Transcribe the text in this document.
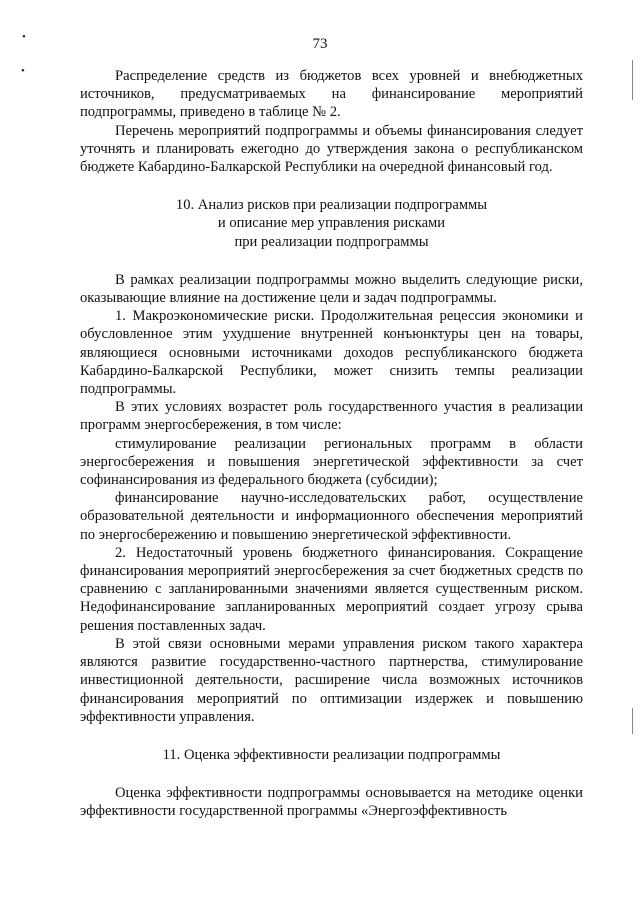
•
•
73

Распределение средств из бюджетов всех уровней и внебюджетных источников, предусматриваемых на финансирование мероприятий подпрограммы, приведено в таблице № 2.

Перечень мероприятий подпрограммы и объемы финансирования следует уточнять и планировать ежегодно до утверждения закона о республиканском бюджете Кабардино-Балкарской Республики на очередной финансовый год.

10. Анализ рисков при реализации подпрограммы
и описание мер управления рисками
при реализации подпрограммы

В рамках реализации подпрограммы можно выделить следующие риски, оказывающие влияние на достижение цели и задач подпрограммы.

1. Макроэкономические риски. Продолжительная рецессия экономики и обусловленное этим ухудшение внутренней конъюнктуры цен на товары, являющиеся основными источниками доходов республиканского бюджета Кабардино-Балкарской Республики, может снизить темпы реализации подпрограммы.

В этих условиях возрастет роль государственного участия в реализации программ энергосбережения, в том числе:

стимулирование реализации региональных программ в области энергосбережения и повышения энергетической эффективности за счет софинансирования из федерального бюджета (субсидии);

финансирование научно-исследовательских работ, осуществление образовательной деятельности и информационного обеспечения мероприятий по энергосбережению и повышению энергетической эффективности.

2. Недостаточный уровень бюджетного финансирования. Сокращение финансирования мероприятий энергосбережения за счет бюджетных средств по сравнению с запланированными значениями является существенным риском. Недофинансирование запланированных мероприятий создает угрозу срыва решения поставленных задач.

В этой связи основными мерами управления риском такого характера являются развитие государственно-частного партнерства, стимулирование инвестиционной деятельности, расширение числа возможных источников финансирования мероприятий по оптимизации издержек и повышению эффективности управления.

11. Оценка эффективности реализации подпрограммы

Оценка эффективности подпрограммы основывается на методике оценки эффективности государственной программы «Энергоэффективность
